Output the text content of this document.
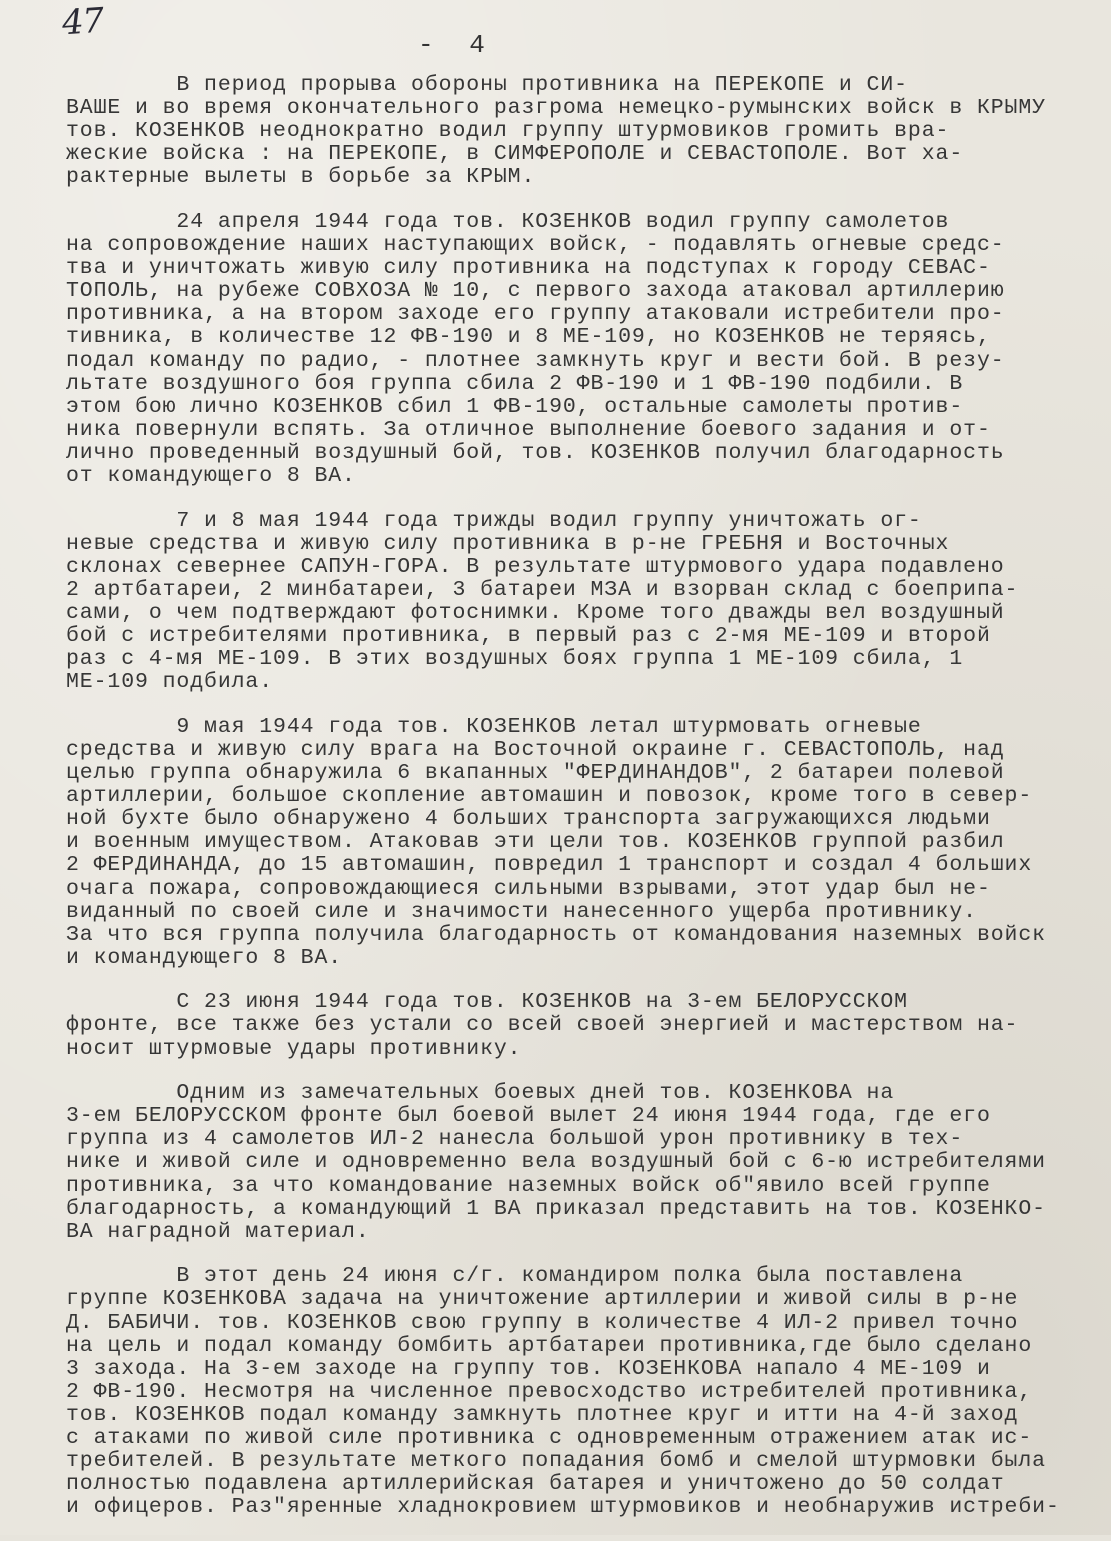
47
- 4
В период прорыва обороны противника на ПЕРЕКОПЕ и СИ-
ВАШЕ и во время окончательного разгрома немецко-румынских войск в КРЫМУ
тов. КОЗЕНКОВ неоднократно водил группу штурмовиков громить вра-
жеские войска : на ПЕРЕКОПЕ, в СИМФЕРОПОЛЕ и СЕВАСТОПОЛЕ. Вот ха-
рактерные вылеты в борьбе за КРЫМ.
24 апреля 1944 года тов. КОЗЕНКОВ водил группу самолетов
на сопровождение наших наступающих войск, - подавлять огневые средс-
тва и уничтожать живую силу противника на подступах к городу СЕВАС-
ТОПОЛЬ, на рубеже СОВХОЗА № 10, с первого захода атаковал артиллерию
противника, а на втором заходе его группу атаковали истребители про-
тивника, в количестве 12 ФВ-190 и 8 МЕ-109, но КОЗЕНКОВ не теряясь,
подал команду по радио, - плотнее замкнуть круг и вести бой. В резу-
льтате воздушного боя группа сбила 2 ФВ-190 и 1 ФВ-190 подбили. В
этом бою лично КОЗЕНКОВ сбил 1 ФВ-190, остальные самолеты против-
ника повернули вспять. За отличное выполнение боевого задания и от-
лично проведенный воздушный бой, тов. КОЗЕНКОВ получил благодарность
от командующего 8 ВА.
7 и 8 мая 1944 года трижды водил группу уничтожать ог-
невые средства и живую силу противника в р-не ГРЕБНЯ и Восточных
склонах севернее САПУН-ГОРА. В результате штурмового удара подавлено
2 артбатареи, 2 минбатареи, 3 батареи МЗА и взорван склад с боеприпа-
сами, о чем подтверждают фотоснимки. Кроме того дважды вел воздушный
бой с истребителями противника, в первый раз с 2-мя МЕ-109 и второй
раз с 4-мя МЕ-109. В этих воздушных боях группа 1 МЕ-109 сбила, 1
МЕ-109 подбила.
9 мая 1944 года тов. КОЗЕНКОВ летал штурмовать огневые
средства и живую силу врага на Восточной окраине г. СЕВАСТОПОЛЬ, над
целью группа обнаружила 6 вкапанных "ФЕРДИНАНДОВ", 2 батареи полевой
артиллерии, большое скопление автомашин и повозок, кроме того в север-
ной бухте было обнаружено 4 больших транспорта загружающихся людьми
и военным имуществом. Атаковав эти цели тов. КОЗЕНКОВ группой разбил
2 ФЕРДИНАНДА, до 15 автомашин, повредил 1 транспорт и создал 4 больших
очага пожара, сопровождающиеся сильными взрывами, этот удар был не-
виданный по своей силе и значимости нанесенного ущерба противнику.
За что вся группа получила благодарность от командования наземных войск
и командующего 8 ВА.
С 23 июня 1944 года тов. КОЗЕНКОВ на 3-ем БЕЛОРУССКОМ
фронте, все также без устали со всей своей энергией и мастерством на-
носит штурмовые удары противнику.
Одним из замечательных боевых дней тов. КОЗЕНКОВА на
3-ем БЕЛОРУССКОМ фронте был боевой вылет 24 июня 1944 года, где его
группа из 4 самолетов ИЛ-2 нанесла большой урон противнику в тех-
нике и живой силе и одновременно вела воздушный бой с 6-ю истребителями
противника, за что командование наземных войск об"явило всей группе
благодарность, а командующий 1 ВА приказал представить на тов. КОЗЕНКО-
ВА наградной материал.
В этот день 24 июня с/г. командиром полка была поставлена
группе КОЗЕНКОВА задача на уничтожение артиллерии и живой силы в р-не
Д. БАБИЧИ. тов. КОЗЕНКОВ свою группу в количестве 4 ИЛ-2 привел точно
на цель и подал команду бомбить артбатареи противника,где было сделано
3 захода. На 3-ем заходе на группу тов. КОЗЕНКОВА напало 4 МЕ-109 и
2 ФВ-190. Несмотря на численное превосходство истребителей противника,
тов. КОЗЕНКОВ подал команду замкнуть плотнее круг и итти на 4-й заход
с атаками по живой силе противника с одновременным отражением атак ис-
требителей. В результате меткого попадания бомб и смелой штурмовки была
полностью подавлена артиллерийская батарея и уничтожено до 50 солдат
и офицеров. Раз"яренные хладнокровием штурмовиков и необнаружив истреби-
